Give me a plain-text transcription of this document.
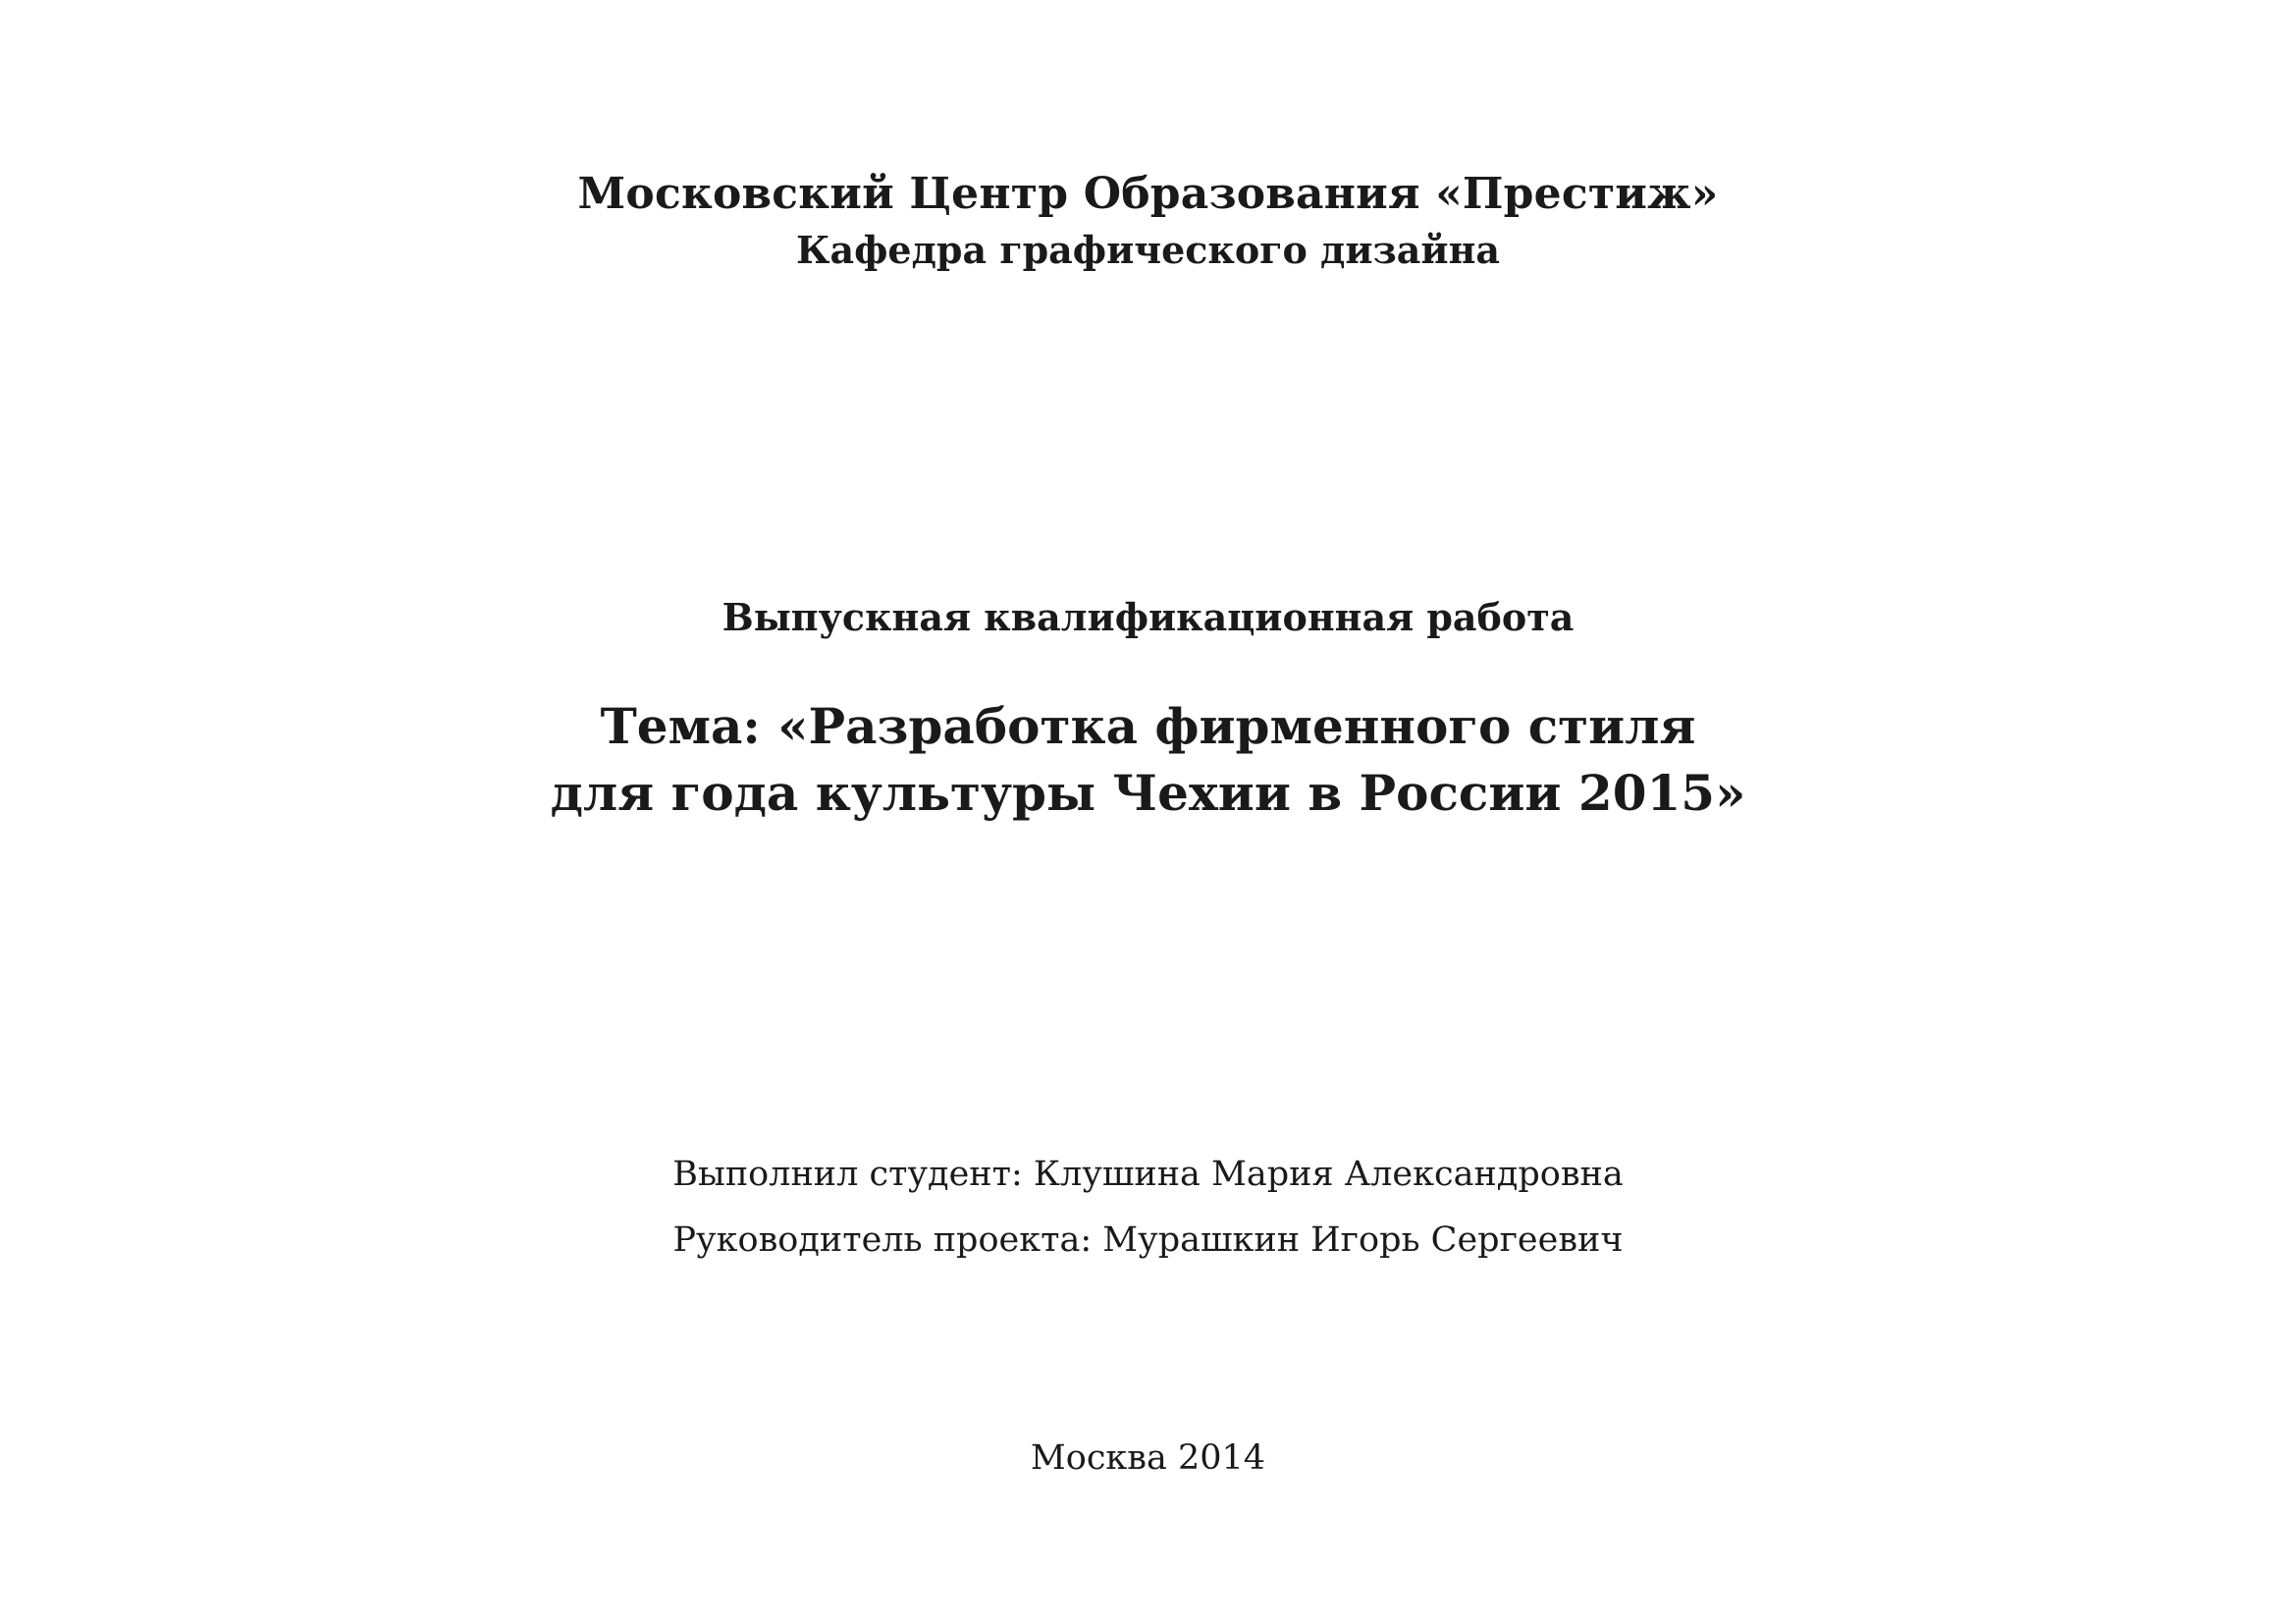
Московский Центр Образования «Престиж»
Кафедра графического дизайна
Выпускная квалификационная работа
Тема: «Разработка фирменного стиля
для года культуры Чехии в России 2015»
Выполнил студент: Клушина Мария Александровна
Руководитель проекта: Мурашкин Игорь Сергеевич
Москва 2014
